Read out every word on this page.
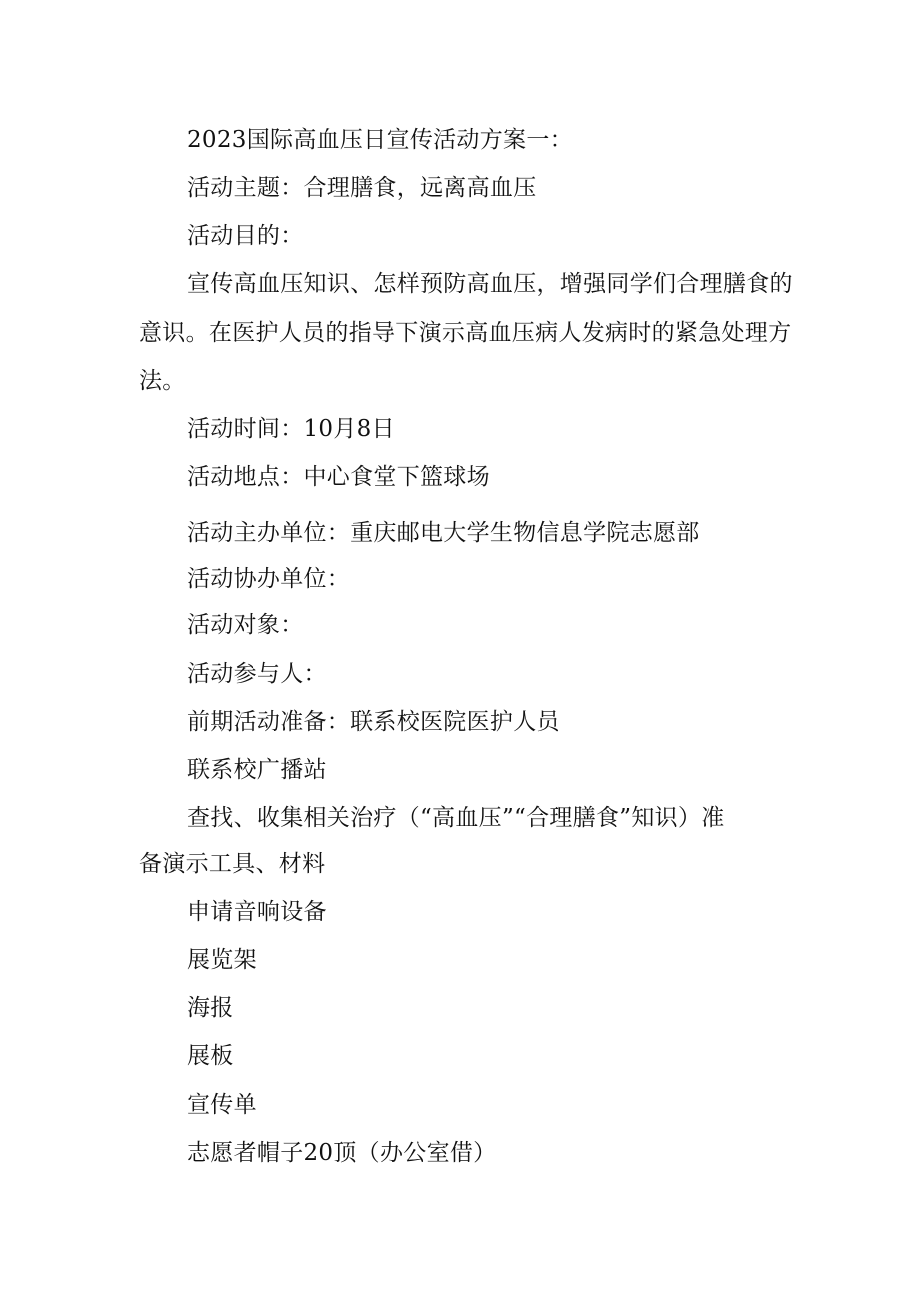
2023国际高血压日宣传活动方案一：
活动主题：合理膳食，远离高血压
活动目的：
宣传高血压知识、怎样预防高血压，增强同学们合理膳食的
意识。在医护人员的指导下演示高血压病人发病时的紧急处理方
法。
活动时间：10月8日
活动地点：中心食堂下篮球场
活动主办单位：重庆邮电大学生物信息学院志愿部
活动协办单位：
活动对象：
活动参与人：
前期活动准备：联系校医院医护人员
联系校广播站
查找、收集相关治疗（“高血压”“合理膳食”知识）准
备演示工具、材料
申请音响设备
展览架
海报
展板
宣传单
志愿者帽子20顶（办公室借）
